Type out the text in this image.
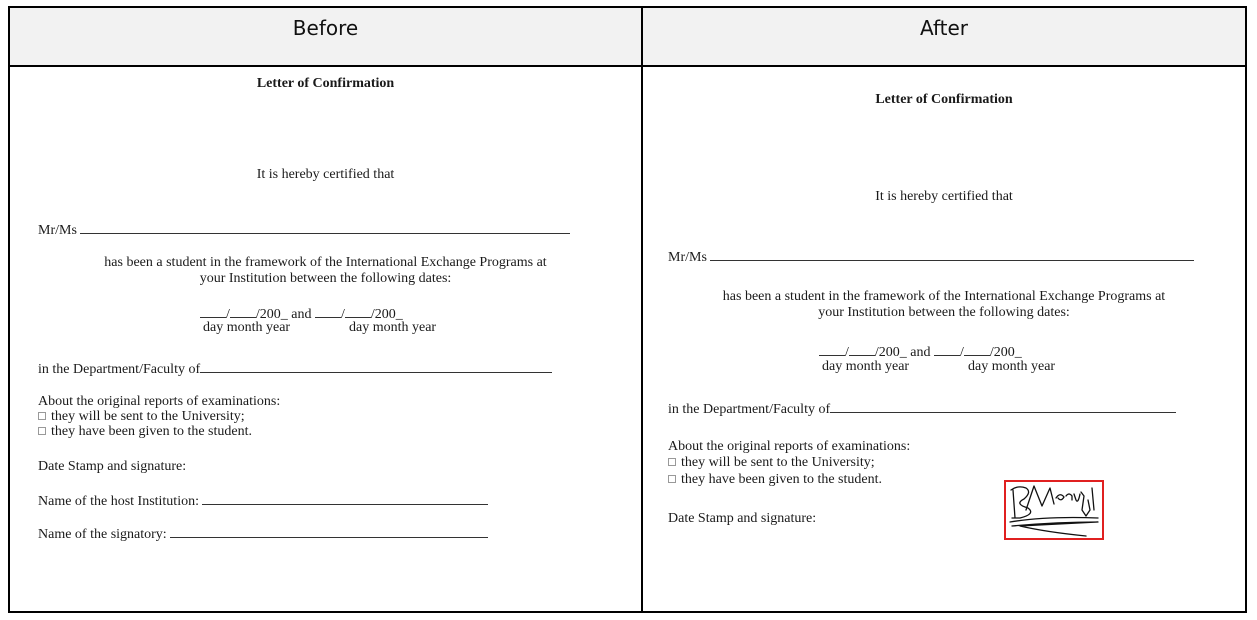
Before	After
Letter of Confirmation
It is hereby certified that
Mr/Ms
has been a student in the framework of the International Exchange Programs at
your Institution between the following dates:
/ /200_ and / /200_
day month year	day month year
in the Department/Faculty of
About the original reports of examinations:
they will be sent to the University;
they have been given to the student.
Date Stamp and signature:
Name of the host Institution:
Name of the signatory:
Letter of Confirmation
It is hereby certified that
Mr/Ms
has been a student in the framework of the International Exchange Programs at
your Institution between the following dates:
/ /200_ and / /200_
day month year	day month year
in the Department/Faculty of
About the original reports of examinations:
they will be sent to the University;
they have been given to the student.
Date Stamp and signature:
